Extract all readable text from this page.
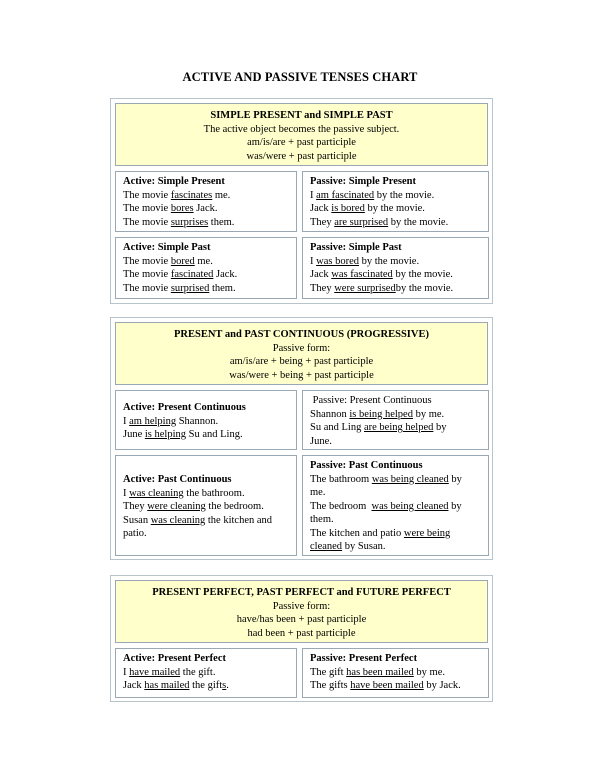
ACTIVE AND PASSIVE TENSES CHART
SIMPLE PRESENT and SIMPLE PAST
The active object becomes the passive subject.
am/is/are + past participle
was/were + past participle
Active: Simple Present
The movie fascinates me.
The movie bores Jack.
The movie surprises them.
Passive: Simple Present
I am fascinated by the movie.
Jack is bored by the movie.
They are surprised by the movie.
Active: Simple Past
The movie bored me.
The movie fascinated Jack.
The movie surprised them.
Passive: Simple Past
I was bored by the movie.
Jack was fascinated by the movie.
They were surprisedby the movie.
PRESENT and PAST CONTINUOUS (PROGRESSIVE)
Passive form:
am/is/are + being + past participle
was/were + being + past participle
Active: Present Continuous
I am helping Shannon.
June is helping Su and Ling.
Passive: Present Continuous
Shannon is being helped by me.
Su and Ling are being helped by
June.
Active: Past Continuous
I was cleaning the bathroom.
They were cleaning the bedroom.
Susan was cleaning the kitchen and
patio.
Passive: Past Continuous
The bathroom was being cleaned by
me.
The bedroom  was being cleaned by
them.
The kitchen and patio were being
cleaned by Susan.
PRESENT PERFECT, PAST PERFECT and FUTURE PERFECT
Passive form:
have/has been + past participle
had been + past participle
Active: Present Perfect
I have mailed the gift.
Jack has mailed the gifts.
Passive: Present Perfect
The gift has been mailed by me.
The gifts have been mailed by Jack.
